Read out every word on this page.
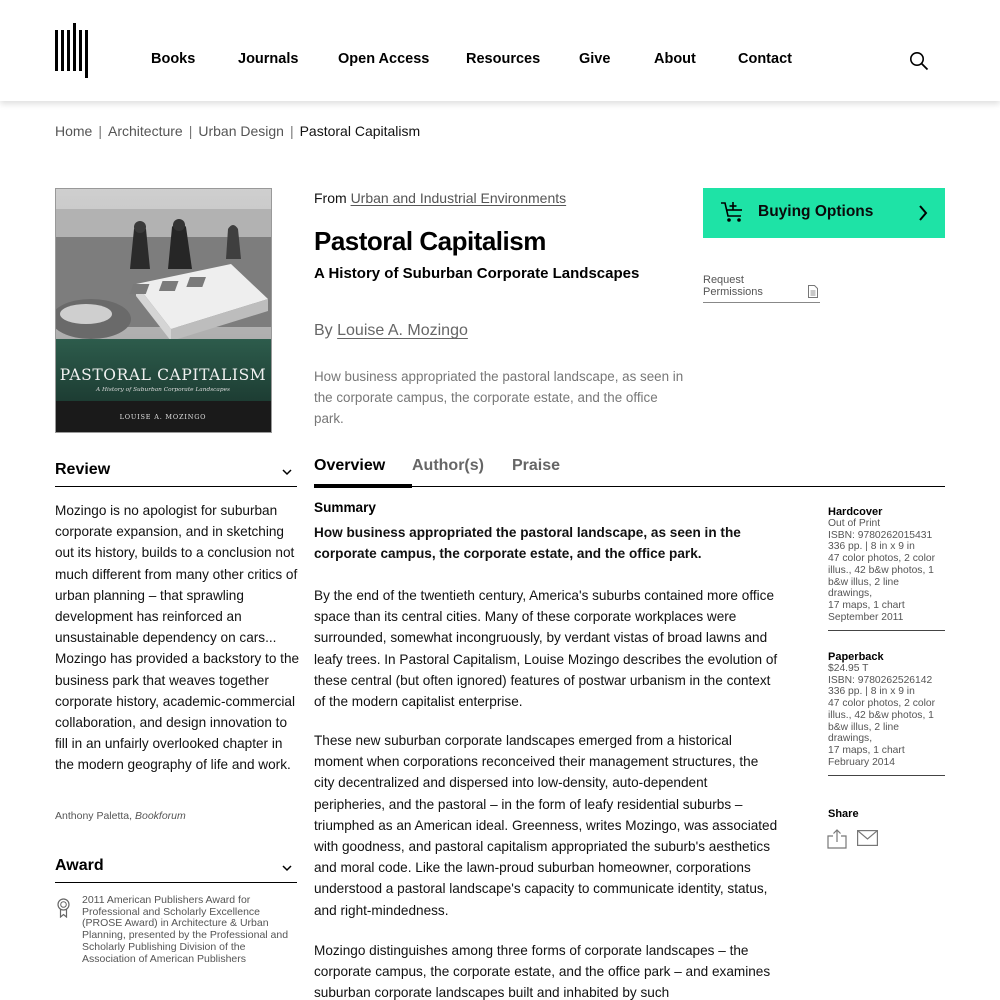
Books	Journals	Open Access	Resources	Give	About	Contact
Home | Architecture | Urban Design | Pastoral Capitalism
PASTORAL CAPITALISM
A History of Suburban Corporate Landscapes
LOUISE A. MOZINGO
Review
Mozingo is no apologist for suburban corporate expansion, and in sketching out its history, builds to a conclusion not much different from many other critics of urban planning – that sprawling development has reinforced an unsustainable dependency on cars... Mozingo has provided a backstory to the business park that weaves together corporate history, academic-commercial collaboration, and design innovation to fill in an unfairly overlooked chapter in the modern geography of life and work.
Anthony Paletta, Bookforum
Award
2011 American Publishers Award for Professional and Scholarly Excellence (PROSE Award) in Architecture & Urban Planning, presented by the Professional and Scholarly Publishing Division of the Association of American Publishers
From Urban and Industrial Environments
Pastoral Capitalism
A History of Suburban Corporate Landscapes
By Louise A. Mozingo
How business appropriated the pastoral landscape, as seen in the corporate campus, the corporate estate, and the office park.
Overview Author(s) Praise
Summary
How business appropriated the pastoral landscape, as seen in the corporate campus, the corporate estate, and the office park.
By the end of the twentieth century, America's suburbs contained more office space than its central cities. Many of these corporate workplaces were surrounded, somewhat incongruously, by verdant vistas of broad lawns and leafy trees. In Pastoral Capitalism, Louise Mozingo describes the evolution of these central (but often ignored) features of postwar urbanism in the context of the modern capitalist enterprise.
These new suburban corporate landscapes emerged from a historical moment when corporations reconceived their management structures, the city decentralized and dispersed into low-density, auto-dependent peripheries, and the pastoral – in the form of leafy residential suburbs – triumphed as an American ideal. Greenness, writes Mozingo, was associated with goodness, and pastoral capitalism appropriated the suburb's aesthetics and moral code. Like the lawn-proud suburban homeowner, corporations understood a pastoral landscape's capacity to communicate identity, status, and right-mindedness.
Mozingo distinguishes among three forms of corporate landscapes – the corporate campus, the corporate estate, and the office park – and examines suburban corporate landscapes built and inhabited by such
Buying Options
Request Permissions
Hardcover
Out of Print
ISBN: 9780262015431
336 pp. | 8 in x 9 in
47 color photos, 2 color
illus., 42 b&w photos, 1
b&w illus, 2 line drawings,
17 maps, 1 chart
September 2011
Paperback
$24.95 T
ISBN: 9780262526142
336 pp. | 8 in x 9 in
47 color photos, 2 color
illus., 42 b&w photos, 1
b&w illus, 2 line drawings,
17 maps, 1 chart
February 2014
Share
